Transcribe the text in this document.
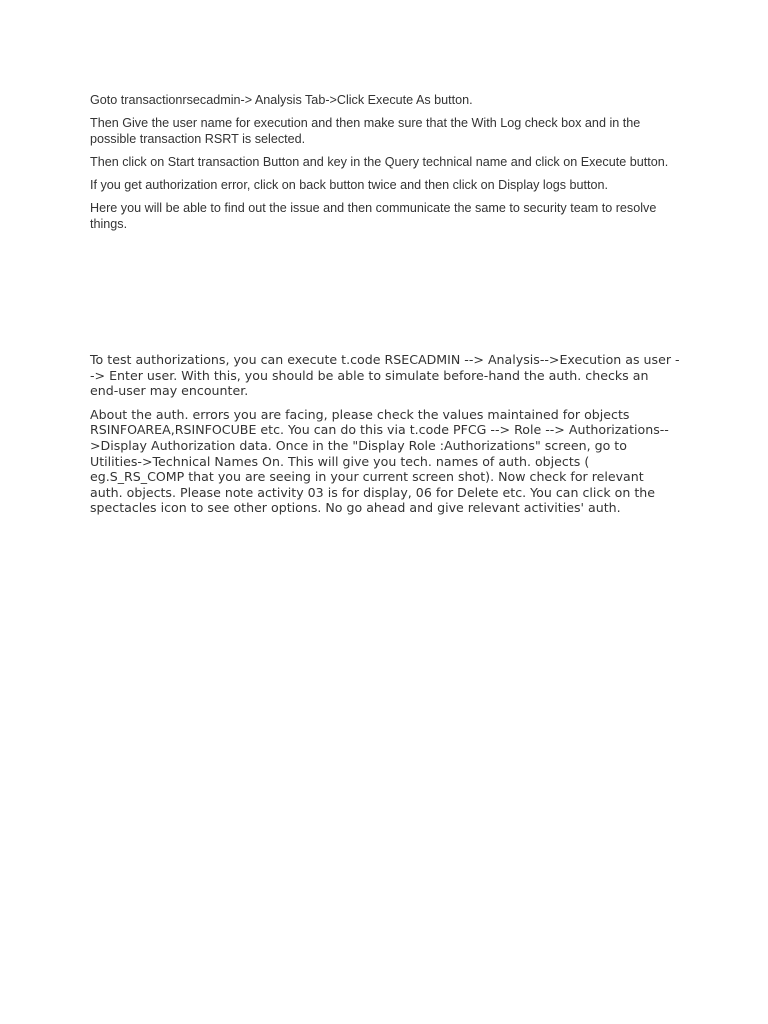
Goto transactionrsecadmin-> Analysis Tab->Click Execute As button.

Then Give the user name for execution and then make sure that the With Log check box and in the possible transaction RSRT is selected.

Then click on Start transaction Button and key in the Query technical name and click on Execute button.

If you get authorization error, click on back button twice and then click on Display logs button.

Here you will be able to find out the issue and then communicate the same to security team to resolve things.

To test authorizations, you can execute t.code RSECADMIN --> Analysis-->Execution as user --> Enter user. With this, you should be able to simulate before-hand the auth. checks an end-user may encounter.

About the auth. errors you are facing, please check the values maintained for objects RSINFOAREA,RSINFOCUBE etc. You can do this via t.code PFCG --> Role --> Authorizations-->Display Authorization data. Once in the "Display Role :Authorizations" screen, go to Utilities->Technical Names On. This will give you tech. names of auth. objects ( eg.S_RS_COMP that you are seeing in your current screen shot). Now check for relevant auth. objects. Please note activity 03 is for display, 06 for Delete etc. You can click on the spectacles icon to see other options. No go ahead and give relevant activities' auth.
